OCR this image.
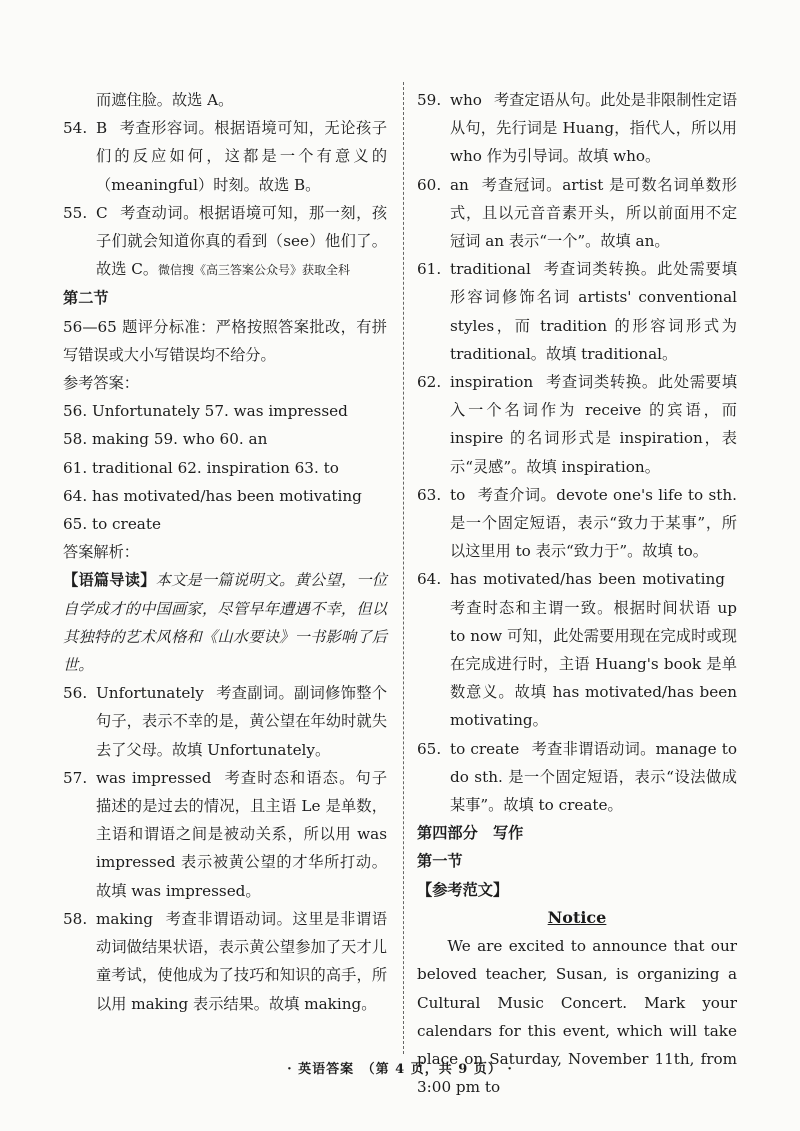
而遮住脸。故选 A。
54. B 考查形容词。根据语境可知，无论孩子们的反应如何，这都是一个有意义的（meaningful）时刻。故选 B。
55. C 考查动词。根据语境可知，那一刻，孩子们就会知道你真的看到（see）他们了。故选 C。微信搜《高三答案公众号》获取全科
第二节
56—65 题评分标准：严格按照答案批改，有拼写错误或大小写错误均不给分。
参考答案：
56. Unfortunately 57. was impressed
58. making 59. who 60. an
61. traditional 62. inspiration 63. to
64. has motivated/has been motivating
65. to create
答案解析：
【语篇导读】本文是一篇说明文。黄公望，一位自学成才的中国画家，尽管早年遭遇不幸，但以其独特的艺术风格和《山水要诀》一书影响了后世。
56. Unfortunately 考查副词。副词修饰整个句子，表示不幸的是，黄公望在年幼时就失去了父母。故填 Unfortunately。
57. was impressed 考查时态和语态。句子描述的是过去的情况，且主语 Le 是单数，主语和谓语之间是被动关系，所以用 was impressed 表示被黄公望的才华所打动。故填 was impressed。
58. making 考查非谓语动词。这里是非谓语动词做结果状语，表示黄公望参加了天才儿童考试，使他成为了技巧和知识的高手，所以用 making 表示结果。故填 making。
59. who 考查定语从句。此处是非限制性定语从句，先行词是 Huang，指代人，所以用 who 作为引导词。故填 who。
60. an 考查冠词。artist 是可数名词单数形式，且以元音音素开头，所以前面用不定冠词 an 表示“一个”。故填 an。
61. traditional 考查词类转换。此处需要填形容词修饰名词 artists' conventional styles，而 tradition 的形容词形式为 traditional。故填 traditional。
62. inspiration 考查词类转换。此处需要填入一个名词作为 receive 的宾语，而 inspire 的名词形式是 inspiration，表示“灵感”。故填 inspiration。
63. to 考查介词。devote one's life to sth. 是一个固定短语，表示“致力于某事”，所以这里用 to 表示“致力于”。故填 to。
64. has motivated/has been motivating考查时态和主谓一致。根据时间状语 up to now 可知，此处需要用现在完成时或现在完成进行时，主语 Huang's book 是单数意义。故填 has motivated/has been motivating。
65. to create 考查非谓语动词。manage to do sth. 是一个固定短语，表示“设法做成某事”。故填 to create。
第四部分　写作
第一节
【参考范文】
Notice
We are excited to announce that our beloved teacher, Susan, is organizing a Cultural Music Concert. Mark your calendars for this event, which will take place on Saturday, November 11th, from 3:00 pm to
· 英语答案　（第 4 页，共 9 页） ·
